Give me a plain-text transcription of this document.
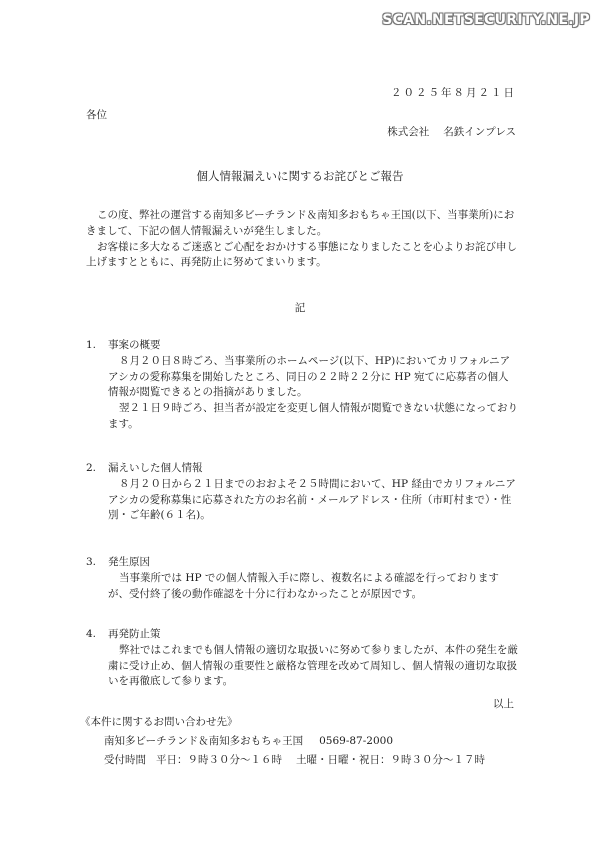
SCAN.NETSECURITY.NE.JP
２０２５年８月２１日
各位
株式会社 名鉄インプレス
個人情報漏えいに関するお詫びとご報告

この度、弊社の運営する南知多ビーチランド＆南知多おもちゃ王国(以下、当事業所)におきまして、下記の個人情報漏えいが発生しました。

お客様に多大なるご迷惑とご心配をおかけする事態になりましたことを心よりお詫び申し上げますとともに、再発防止に努めてまいります。

記
1.	事案の概要

８月２０日８時ごろ、当事業所のホームページ(以下、HP)においてカリフォルニアアシカの愛称募集を開始したところ、同日の２２時２２分に HP 宛てに応募者の個人情報が閲覧できるとの指摘がありました。

翌２１日９時ごろ、担当者が設定を変更し個人情報が閲覧できない状態になっております。

2.	漏えいした個人情報

８月２０日から２１日までのおおよそ２５時間において、HP 経由でカリフォルニアアシカの愛称募集に応募された方のお名前・メールアドレス・住所（市町村まで）・性別・ご年齢(６１名)。

3.	発生原因

当事業所では HP での個人情報入手に際し、複数名による確認を行っておりますが、受付終了後の動作確認を十分に行わなかったことが原因です。

4.	再発防止策

弊社ではこれまでも個人情報の適切な取扱いに努めて参りましたが、本件の発生を厳粛に受け止め、個人情報の重要性と厳格な管理を改めて周知し、個人情報の適切な取扱いを再徹底して参ります。

以上
《本件に関するお問い合わせ先》
南知多ビーチランド＆南知多おもちゃ王国 0569-87-2000
受付時間 平日：９時３０分～１６時 土曜・日曜・祝日：９時３０分～１７時
